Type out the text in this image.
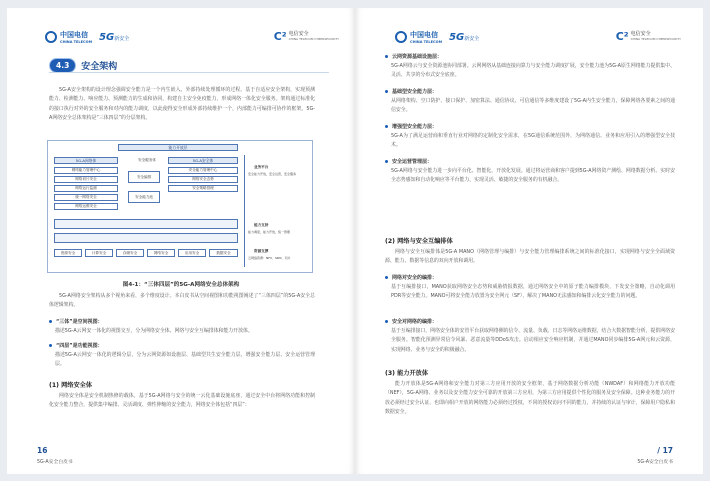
中国电信
CHINA TELECOM 5G新安全	C² 电信安全
CHINA TELECOM CYBERSECURITY
4.3	安全架构

5G-A安全架构的设计理念强调安全能力是一个内生嵌入、外部持续处理循环的过程。基于自适应安全架构，实现预测能力、检测能力、响应能力、预测能力的生成和协同，构建自主安全免疫能力，形成网络一体化安全服务。架构通过标准化的接口执行对外的安全服务和对内的能力调度，以此使得安全形成外部持续维护一个，内部能力可编排可协作的框架。5G-A网络安全总体架构是“三体四层”的分层架构。

能力开放层
5G-A网络体	安全服务体	5G-A安全体
网络能力管理中心
网络切片安全
网络运行监测
统一网络安全
网络运维安全
安全编排
安全能力池
安全能力管理中心
网络安全态势
安全策略管理
资源安全	计算安全	存储安全	网络安全	应用安全	数据安全
业务平台
安全能力开放，安全运营，安全服务
能力支持
能力调度，能力开放，统一管理
资源支撑
云网络资源：NFV、SDN、切片
图4-1：“三体四层”的5G-A网络安全总体架构

5G-A网络安全架构从多个视角来看，多个维度设计。本白皮书从空间视图和功能视图阐述了“三体四层”的5G-A安全总体逻辑架构。

“三体”是空间视图：

描述5G-A云网安一体化的视图交互，分为网络安全体、网络与安全互编排体和能力开放体。

“四层”是功能视图：

描述5G-A云网安一体化的逻辑分层，分为云网资源如设施层、基础型共生安全能力层、增强安全能力层、安全运营管理层。

(1) 网络安全体

网络安全体是安全机制热修的载体，基于5G-A网络与安全的统一云化基础设施底座，通过安全中台将网络功能和控制化安全能力整合，提供集中编排、灵活调度、弹性伸缩的安全能力，网络安全体包括“四层”：

16
5G-A安全白皮书
中国电信
CHINA TELECOM 5G新安全	C² 电信安全
CHINA TELECOM CYBERSECURITY
云网资源基础设施层：

5G-A网络云与安全资源池协同部署。云网网络从基础连接向算力与安全能力调度扩展，安全能力池为5G-A原生网络能力提供集中、灵活、共享的分布式安全底座。

基础型安全能力层：

从网络架构、空口防护、接口保护、加密算法、通信协议、可信通信等多维度建设了5G-A内生安全能力，保障网络各要素之间的通信安全。

增强型安全能力层：

5G-A为了满足运营商和垂直行业对网络的定制化安全需求，在5G通信系统范围外，为网络通信、业务和应用引入的增强型安全技术。

安全运营管理层：

5G-A网络与安全能力进一步向平台化、智能化、开放化发展。通过将运营商和客户提到5G-A网络资产测绘、网络数据分析、实时安全态势感知和自动化响应等平台能力，实现灵活、敏捷的安全服务的有机融合。

(2) 网络与安全互编排体

网络与安全互编排体是5G-A MANO（网络管理与编排）与安全能力管理编排系统之间的标准化接口，实现网络与安全全面域资源、能力、数据等信息的双向开放和调用。

网络对安全的编排：

基于互编排接口，MANO获取网络安全态势和威胁情报数据，通过网络安全中的原子能力编排模块，下发安全策略，自动化调用PDR等安全能力。MANO可将安全能力放置为安全网元（SF），解决了MANO无法感知和编排云化安全能力的问题。

安全对网络的编排：

基于互编排接口，网络安全体的安管平台获取网络侧的信令、流量、负载、日志等网络运维数据，结合大数据智能分析，提供网络安全服务。智能化预测异常信令风暴、恶意流量等DDoS攻击。启动相应安全响应机制，并通过MANO同步编排5G-A网元和云资源，实现网络、业务与安全的积极融合。

(3) 能力开放体

能力开放体是5G-A网络和安全能力对第三方应用开放的安全框架，基于网络数据分析功能（NWDAF）和网络能力开放功能（NEF），5G-A网络、业务以及安全能力安全可靠的开放第三方应用，为第三方应用提供个性化的服务及安全保障。这种业务能力的开放必须经过安全认证，也即向相户开放的网络能力必须经过授权，不同的授权访问不同的能力，并持续的认证与审计，保障用户隐私和数据安全。

/ 17
5G-A安全白皮书
